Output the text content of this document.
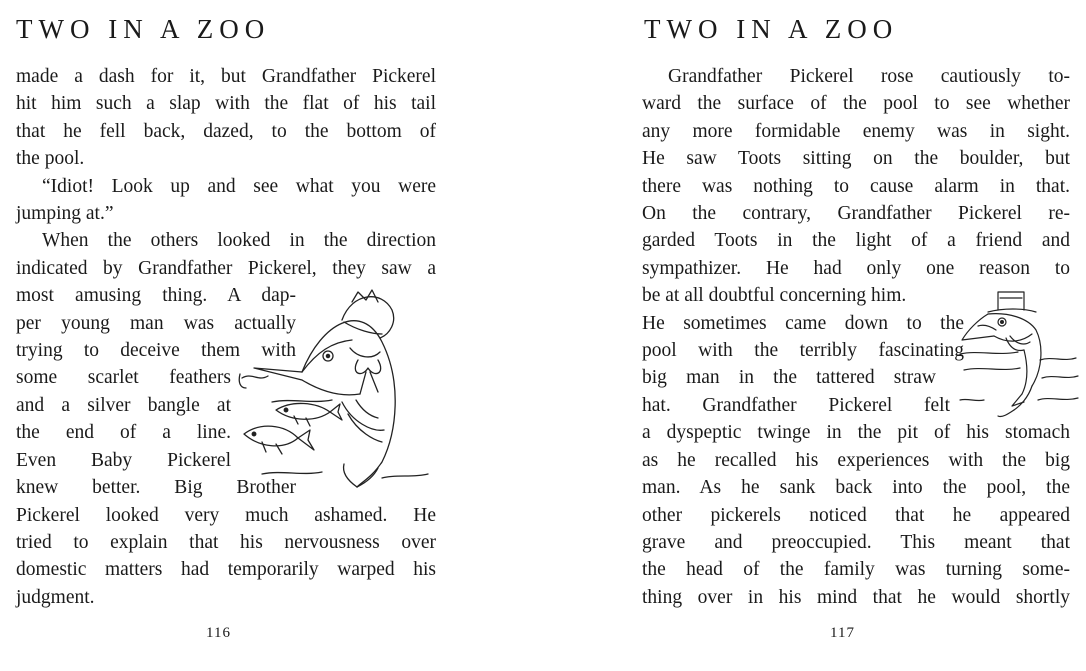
TWO IN A ZOO
made a dash for it, but Grandfather Pickerel
hit him such a slap with the flat of his tail
that he fell back, dazed, to the bottom of
the pool.
“Idiot! Look up and see what you were
jumping at.”
When the others looked in the direction
indicated by Grandfather Pickerel, they saw a
most amusing thing. A dap-
per young man was actually
trying to deceive them with
some scarlet feathers
and a silver bangle at
the end of a line.
Even Baby Pickerel
knew better. Big Brother
Pickerel looked very much ashamed. He
tried to explain that his nervousness over
domestic matters had temporarily warped his
judgment.
116
TWO IN A ZOO
Grandfather Pickerel rose cautiously to-
ward the surface of the pool to see whether
any more formidable enemy was in sight.
He saw Toots sitting on the boulder, but
there was nothing to cause alarm in that.
On the contrary, Grandfather Pickerel re-
garded Toots in the light of a friend and
sympathizer. He had only one reason to
be at all doubtful concerning him.
He sometimes came down to the
pool with the terribly fascinating
big man in the tattered straw
hat. Grandfather Pickerel felt
a dyspeptic twinge in the pit of his stomach
as he recalled his experiences with the big
man. As he sank back into the pool, the
other pickerels noticed that he appeared
grave and preoccupied. This meant that
the head of the family was turning some-
thing over in his mind that he would shortly
117
